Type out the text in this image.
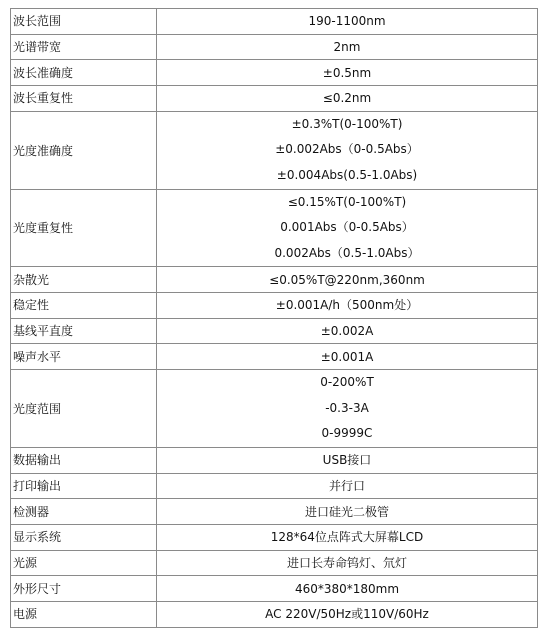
波长范围	190-1100nm
光谱带宽	2nm
波长准确度	±0.5nm
波长重复性	≤0.2nm
光度准确度	±0.3%T(0-100%T)
±0.002Abs（0-0.5Abs）
±0.004Abs(0.5-1.0Abs)

光度重复性	≤0.15%T(0-100%T)
0.001Abs（0-0.5Abs）
0.002Abs（0.5-1.0Abs）

杂散光	≤0.05%T@220nm,360nm
稳定性	±0.001A/h（500nm处）
基线平直度	±0.002A
噪声水平	±0.001A
光度范围	0-200%T
-0.3-3A
0-9999C

数据输出	USB接口
打印输出	并行口
检测器	进口硅光二极管
显示系统	128*64位点阵式大屏幕LCD
光源	进口长寿命钨灯、氘灯
外形尺寸	460*380*180mm
电源	AC 220V/50Hz或110V/60Hz
